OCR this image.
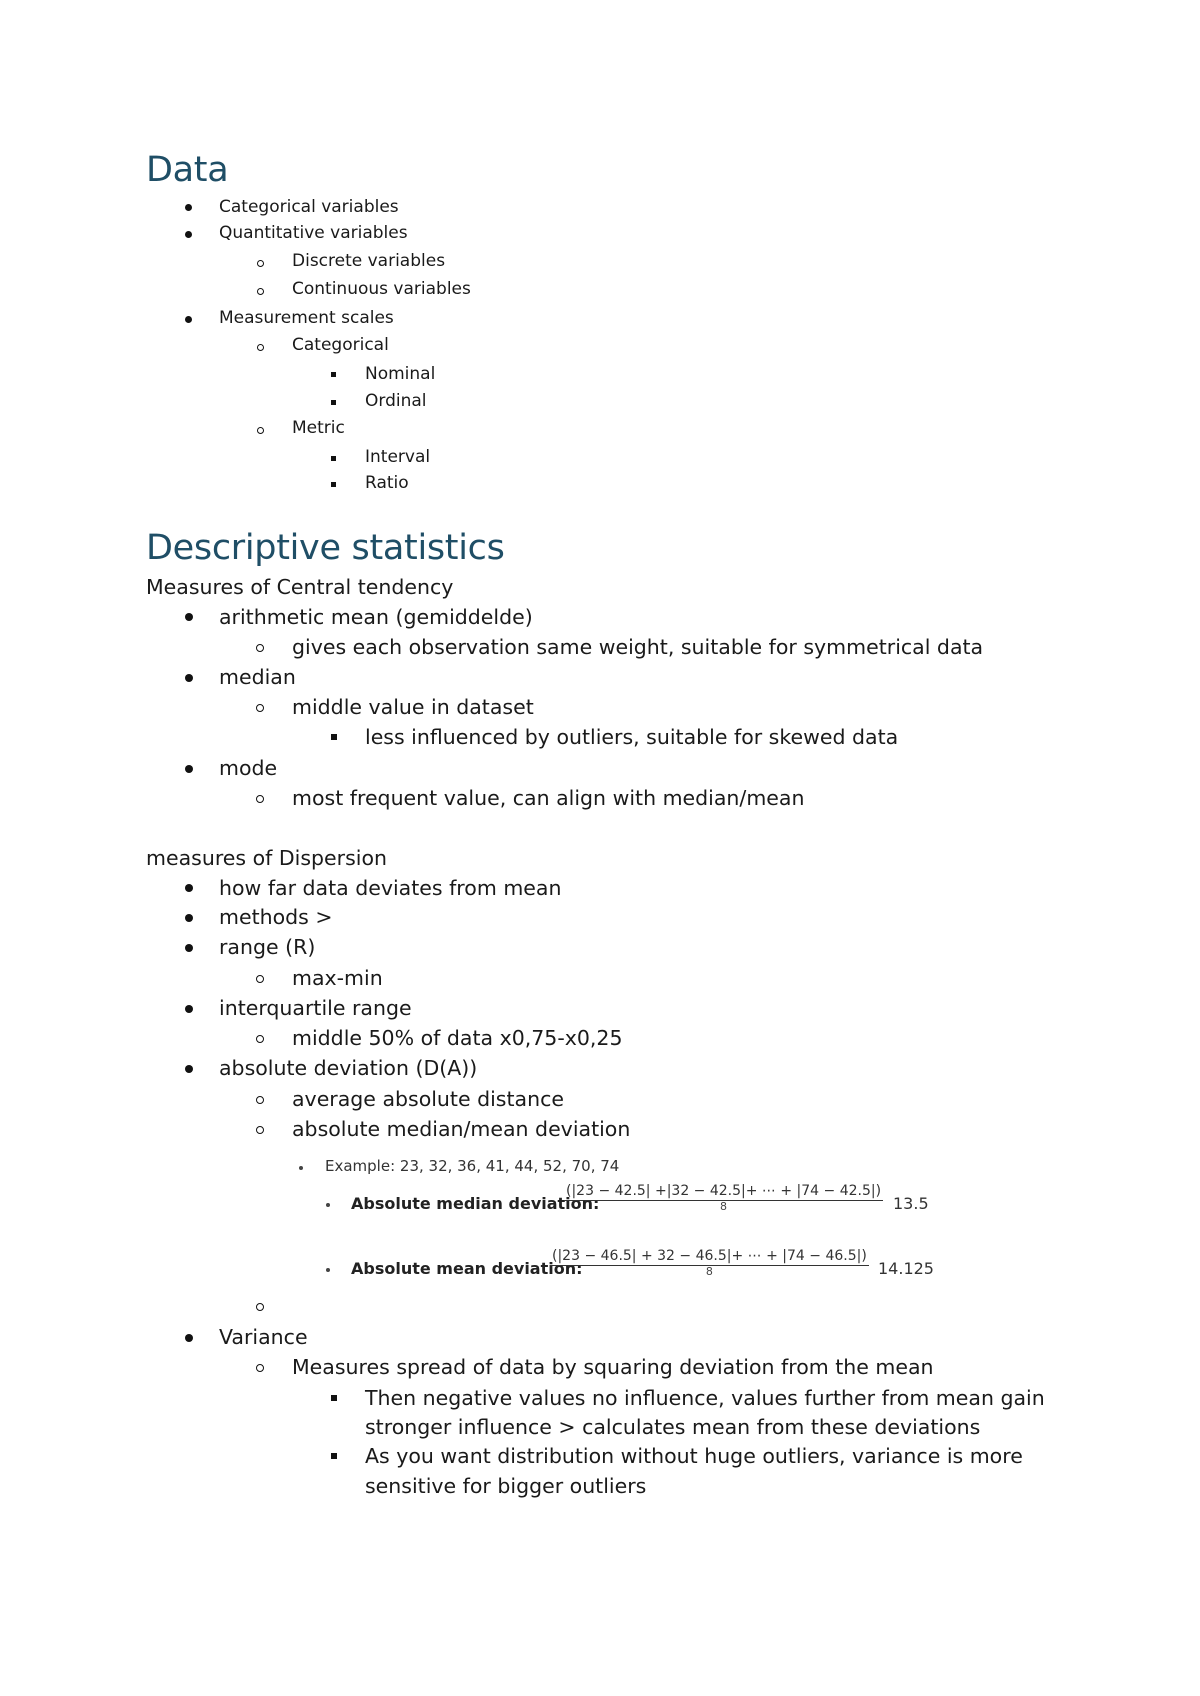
Data
Categorical variables
Quantitative variables
Discrete variables
Continuous variables
Measurement scales
Categorical
Nominal
Ordinal
Metric
Interval
Ratio
Descriptive statistics
Measures of Central tendency
arithmetic mean (gemiddelde)
gives each observation same weight, suitable for symmetrical data
median
middle value in dataset
less influenced by outliers, suitable for skewed data
mode
most frequent value, can align with median/mean
measures of Dispersion
how far data deviates from mean
methods >
range (R)
max-min
interquartile range
middle 50% of data x0,75-x0,25
absolute deviation (D(A))
average absolute distance
absolute median/mean deviation
Example: 23, 32, 36, 41, 44, 52, 70, 74
Absolute median deviation:
(|23 − 42.5| +|32 − 42.5|+ ⋯ + |74 − 42.5|)
8	13.5
Absolute mean deviation:
(|23 − 46.5| + 32 − 46.5|+ ⋯ + |74 − 46.5|)
8	14.125
Variance
Measures spread of data by squaring deviation from the mean
Then negative values no influence, values further from mean gain
stronger influence > calculates mean from these deviations
As you want distribution without huge outliers, variance is more
sensitive for bigger outliers
